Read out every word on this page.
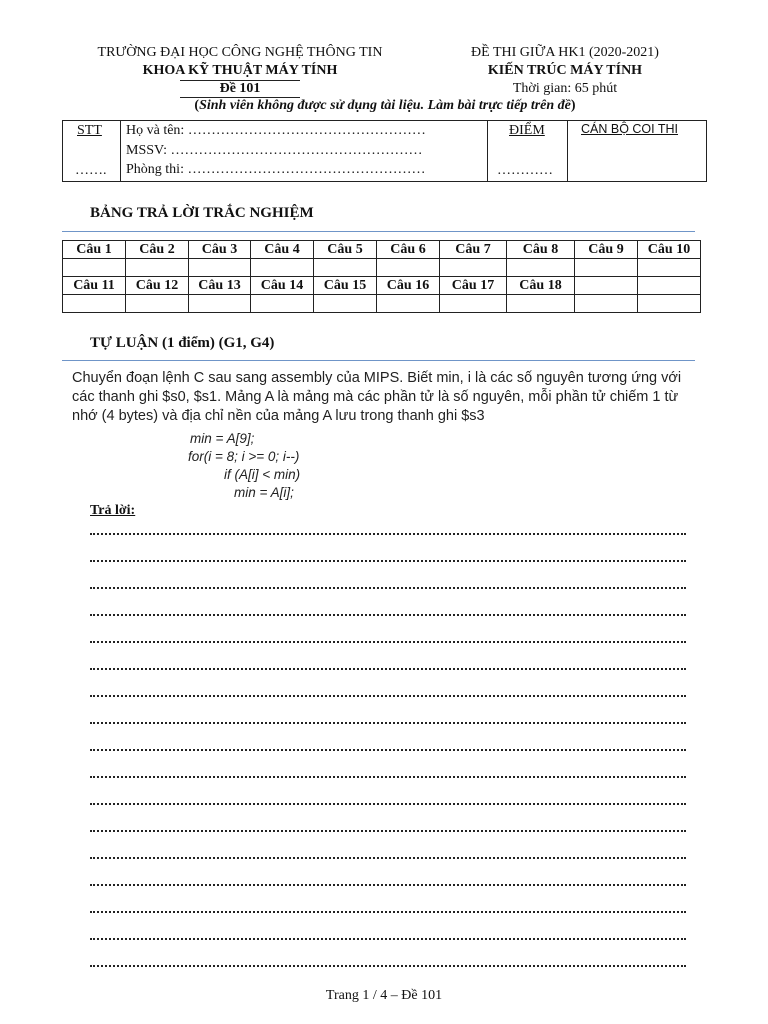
TRƯỜNG ĐẠI HỌC CÔNG NGHỆ THÔNG TIN
KHOA KỸ THUẬT MÁY TÍNH
Đề 101
ĐỀ THI GIỮA HK1 (2020-2021)
KIẾN TRÚC MÁY TÍNH
Thời gian: 65 phút
(Sinh viên không được sử dụng tài liệu. Làm bài trực tiếp trên đề)
STT
…….
Họ và tên: ……………………………………………
MSSV: ………………………………………………
Phòng thi: ……………………………………………
ĐIỂM
…………
CÁN BỘ COI THI
BẢNG TRẢ LỜI TRẮC NGHIỆM
Câu 1	Câu 2	Câu 3	Câu 4	Câu 5	Câu 6	Câu 7	Câu 8	Câu 9	Câu 10

Câu 11	Câu 12	Câu 13	Câu 14	Câu 15	Câu 16	Câu 17	Câu 18		

TỰ LUẬN (1 điểm) (G1, G4)
Chuyển đoạn lệnh C sau sang assembly của MIPS. Biết min, i là các số nguyên tương ứng với các thanh ghi $s0, $s1. Mảng A là mảng mà các phần tử là số nguyên, mỗi phần tử chiếm 1 từ nhớ (4 bytes) và địa chỉ nền của mảng A lưu trong thanh ghi $s3
min = A[9];
for(i = 8; i >= 0; i--)
if (A[i] < min)
min = A[i];
Trả lời:
Trang 1 / 4 – Đề 101
